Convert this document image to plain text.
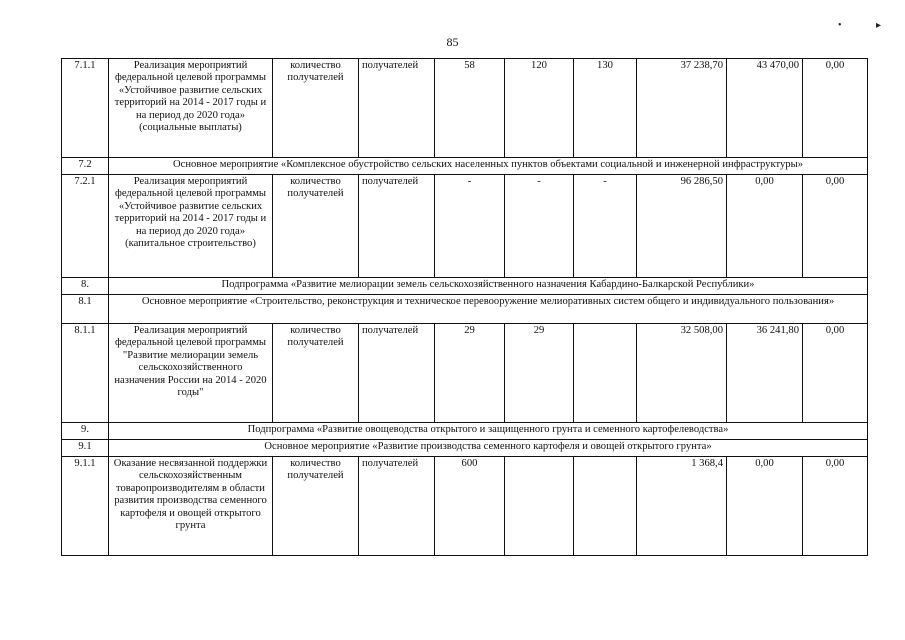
• ▸
85
7.1.1	Реализация мероприятий федеральной целевой программы «Устойчивое развитие сельских территорий на 2014 - 2017 годы и на период до 2020 года» (социальные выплаты)	количество получателей	получателей	58	120	130	37 238,70	43 470,00	0,00
7.2	Основное мероприятие «Комплексное обустройство сельских населенных пунктов объектами социальной и инженерной инфраструктуры»								
7.2.1	Реализация мероприятий федеральной целевой программы «Устойчивое развитие сельских территорий на 2014 - 2017 годы и на период до 2020 года» (капитальное строительство)	количество получателей	получателей	-	-	-	96 286,50	0,00	0,00
8.	Подпрограмма «Развитие мелиорации земель сельскохозяйственного назначения Кабардино-Балкарской Республики»								
8.1	Основное мероприятие «Строительство, реконструкция и техническое перевооружение мелиоративных систем общего и индивидуального пользования»								
8.1.1	Реализация мероприятий федеральной целевой программы "Развитие мелиорации земель сельскохозяйственного назначения России на 2014 - 2020 годы"	количество получателей	получателей	29	29		32 508,00	36 241,80	0,00
9.	Подпрограмма «Развитие овощеводства открытого и защищенного грунта и семенного картофелеводства»								
9.1	Основное мероприятие «Развитие производства семенного картофеля и овощей открытого грунта»								
9.1.1	Оказание несвязанной поддержки сельскохозяйственным товаропроизводителям в области развития производства семенного картофеля и овощей открытого грунта	количество получателей	получателей	600			1 368,4	0,00	0,00
